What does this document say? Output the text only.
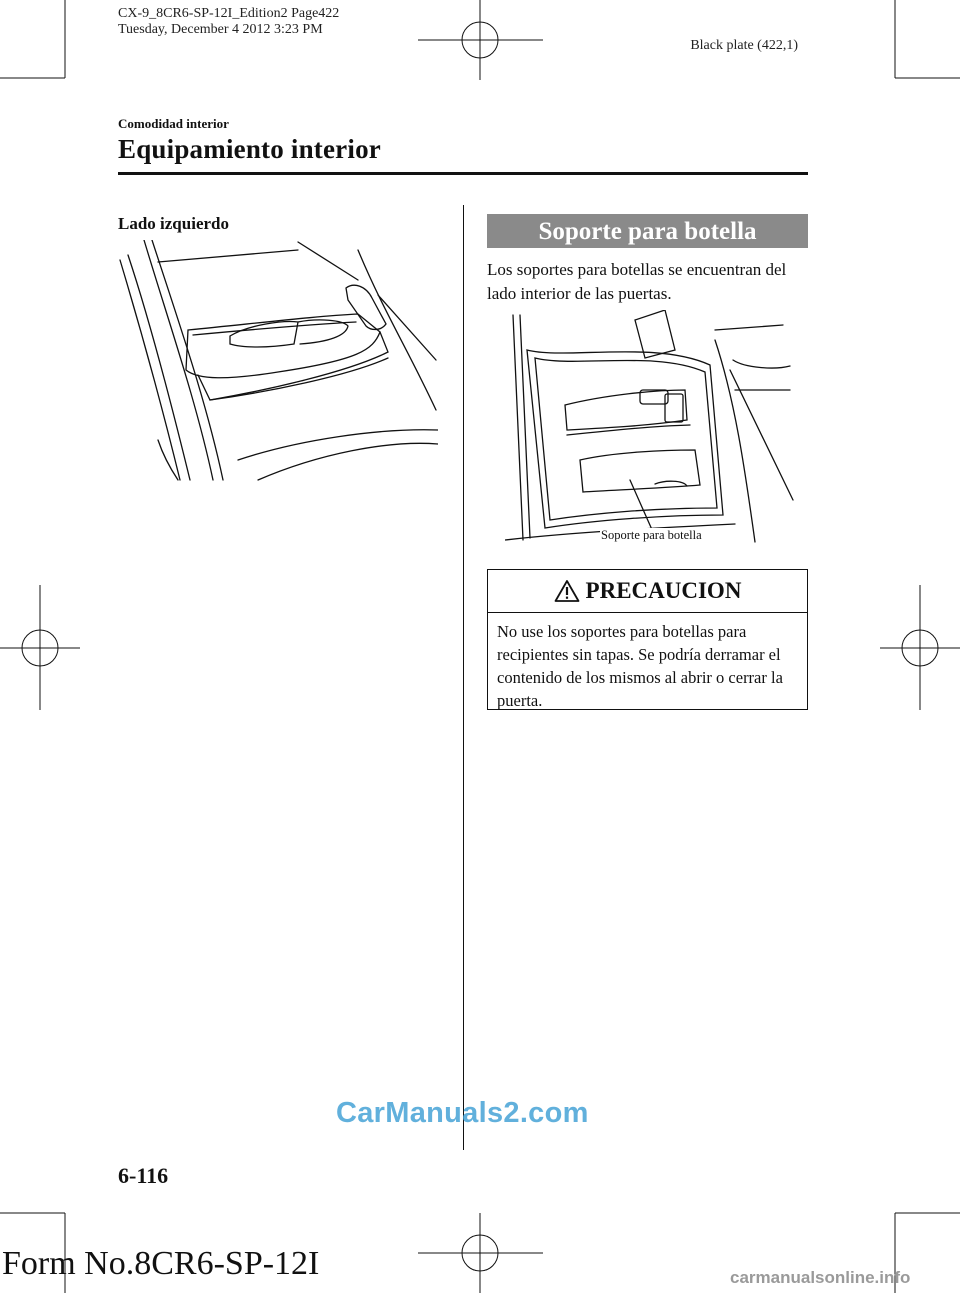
CX-9_8CR6-SP-12I_Edition2 Page422
Tuesday, December 4 2012 3:23 PM
Black plate (422,1)
Comodidad interior
Equipamiento interior
Lado izquierdo	Soporte para botella
Los soportes para botellas se encuentran del lado interior de las puertas.
Soporte para botella
PRECAUCION
No use los soportes para botellas para recipientes sin tapas. Se podría derramar el contenido de los mismos al abrir o cerrar la puerta.
CarManuals2.com
6-116
Form No.8CR6-SP-12I	carmanualsonline.info
